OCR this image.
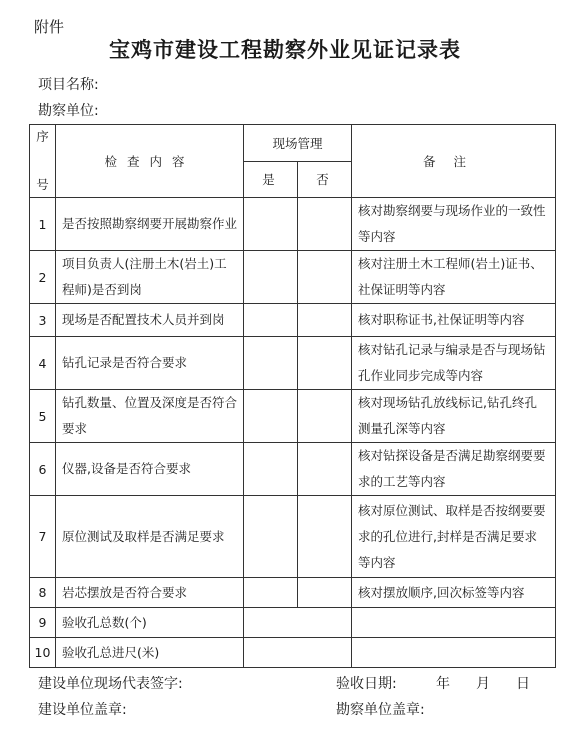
附件
宝鸡市建设工程勘察外业见证记录表
项目名称:
勘察单位:
序

号	检查内容	现场管理		备注
		是	否	
1	是否按照勘察纲要开展勘察作业			核对勘察纲要与现场作业的一致性等内容
2	项目负责人(注册土木(岩土)工程师)是否到岗			核对注册土木工程师(岩土)证书、社保证明等内容
3	现场是否配置技术人员并到岗			核对职称证书,社保证明等内容
4	钻孔记录是否符合要求			核对钻孔记录与编录是否与现场钻孔作业同步完成等内容
5	钻孔数量、位置及深度是否符合要求			核对现场钻孔放线标记,钻孔终孔测量孔深等内容
6	仪器,设备是否符合要求			核对钻探设备是否满足勘察纲要要求的工艺等内容
7	原位测试及取样是否满足要求			核对原位测试、取样是否按纲要要求的孔位进行,封样是否满足要求等内容
8	岩芯摆放是否符合要求			核对摆放顺序,回次标签等内容
9	验收孔总数(个)			
10	验收孔总进尺(米)			
建设单位现场代表签字:	验收日期:	年 月 日
建设单位盖章:	勘察单位盖章:
